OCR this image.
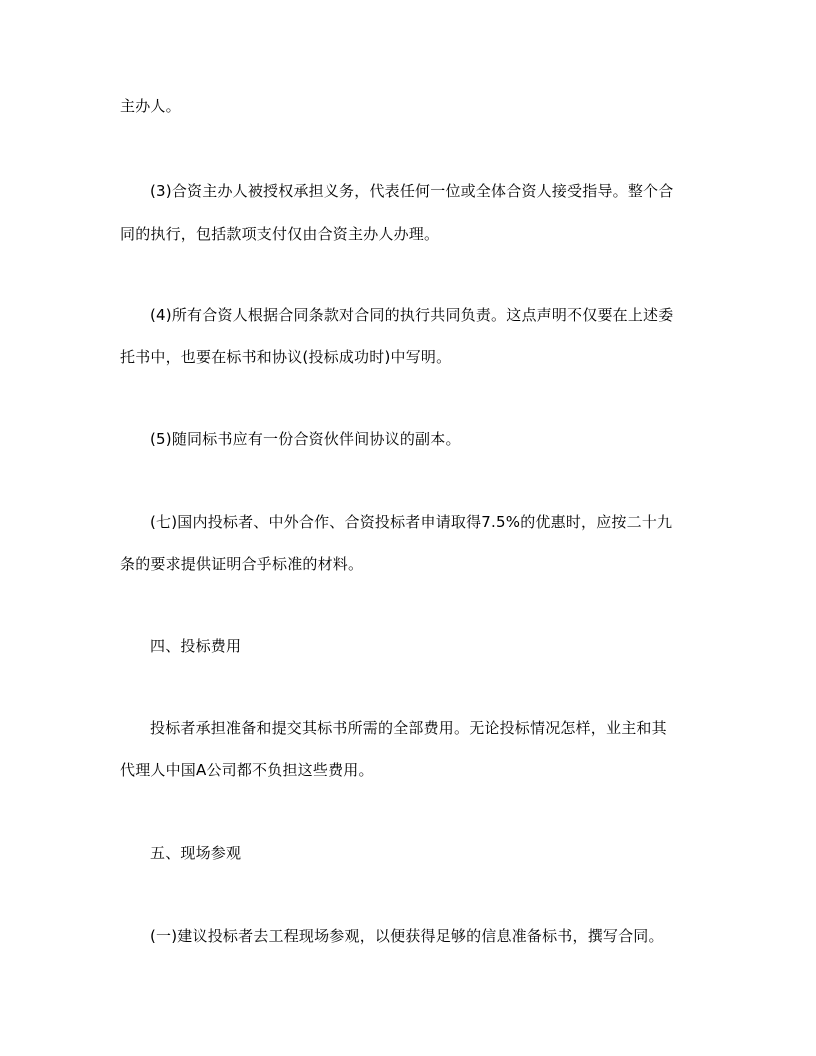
主办人。
(3)合资主办人被授权承担义务，代表任何一位或全体合资人接受指导。整个合
同的执行，包括款项支付仅由合资主办人办理。
(4)所有合资人根据合同条款对合同的执行共同负责。这点声明不仅要在上述委
托书中，也要在标书和协议(投标成功时)中写明。
(5)随同标书应有一份合资伙伴间协议的副本。
(七)国内投标者、中外合作、合资投标者申请取得7.5%的优惠时，应按二十九
条的要求提供证明合乎标准的材料。
四、投标费用
投标者承担准备和提交其标书所需的全部费用。无论投标情况怎样，业主和其
代理人中国A公司都不负担这些费用。
五、现场参观
(一)建议投标者去工程现场参观，以便获得足够的信息准备标书，撰写合同。
